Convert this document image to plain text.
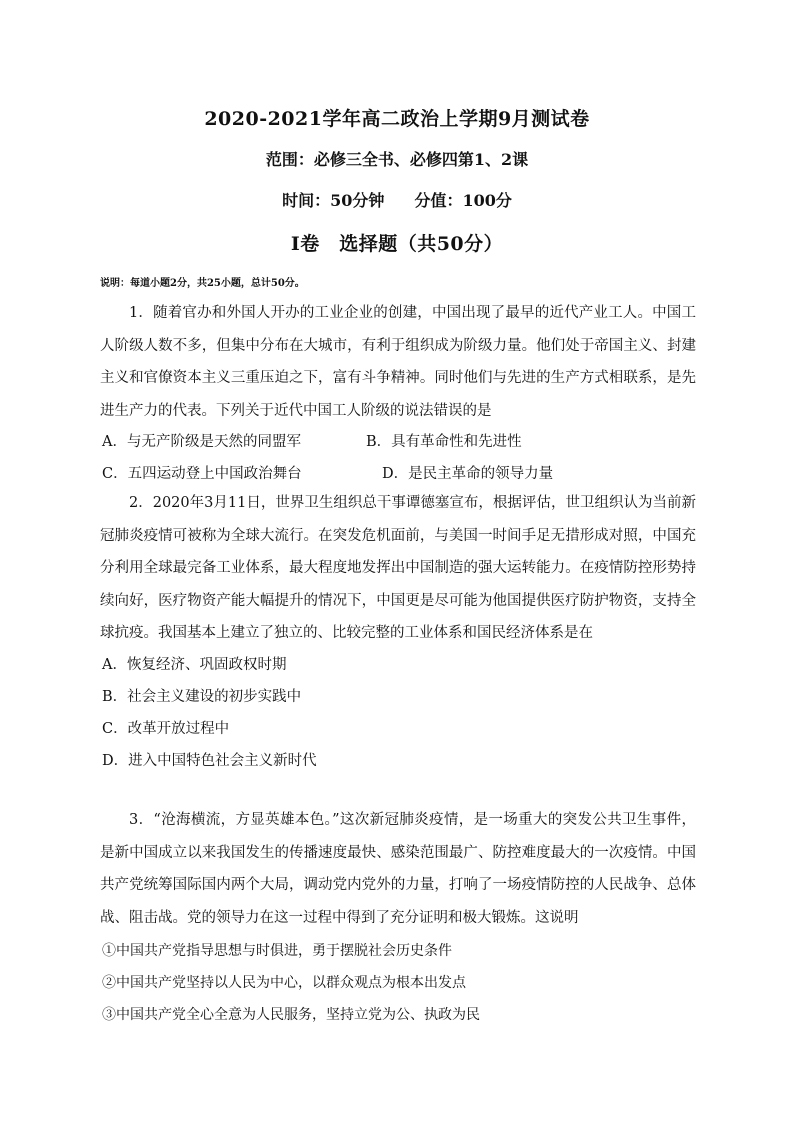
2020-2021学年高二政治上学期9月测试卷
范围：必修三全书、必修四第1、2课
时间：50分钟 分值：100分
Ⅰ卷　选择题（共50分）
说明：每道小题2分，共25小题，总计50分。
1．随着官办和外国人开办的工业企业的创建，中国出现了最早的近代产业工人。中国工人阶级人数不多，但集中分布在大城市，有利于组织成为阶级力量。他们处于帝国主义、封建主义和官僚资本主义三重压迫之下，富有斗争精神。同时他们与先进的生产方式相联系，是先进生产力的代表。下列关于近代中国工人阶级的说法错误的是
A．与无产阶级是天然的同盟军	B．具有革命性和先进性
C．五四运动登上中国政治舞台	D．是民主革命的领导力量
2．2020年3月11日，世界卫生组织总干事谭德塞宣布，根据评估，世卫组织认为当前新冠肺炎疫情可被称为全球大流行。在突发危机面前，与美国一时间手足无措形成对照，中国充分利用全球最完备工业体系，最大程度地发挥出中国制造的强大运转能力。在疫情防控形势持续向好，医疗物资产能大幅提升的情况下，中国更是尽可能为他国提供医疗防护物资，支持全球抗疫。我国基本上建立了独立的、比较完整的工业体系和国民经济体系是在
A．恢复经济、巩固政权时期
B．社会主义建设的初步实践中
C．改革开放过程中
D．进入中国特色社会主义新时代
3．“沧海横流，方显英雄本色。”这次新冠肺炎疫情，是一场重大的突发公共卫生事件，是新中国成立以来我国发生的传播速度最快、感染范围最广、防控难度最大的一次疫情。中国共产党统筹国际国内两个大局，调动党内党外的力量，打响了一场疫情防控的人民战争、总体战、阻击战。党的领导力在这一过程中得到了充分证明和极大锻炼。这说明
①中国共产党指导思想与时俱进，勇于摆脱社会历史条件
②中国共产党坚持以人民为中心，以群众观点为根本出发点
③中国共产党全心全意为人民服务，坚持立党为公、执政为民
